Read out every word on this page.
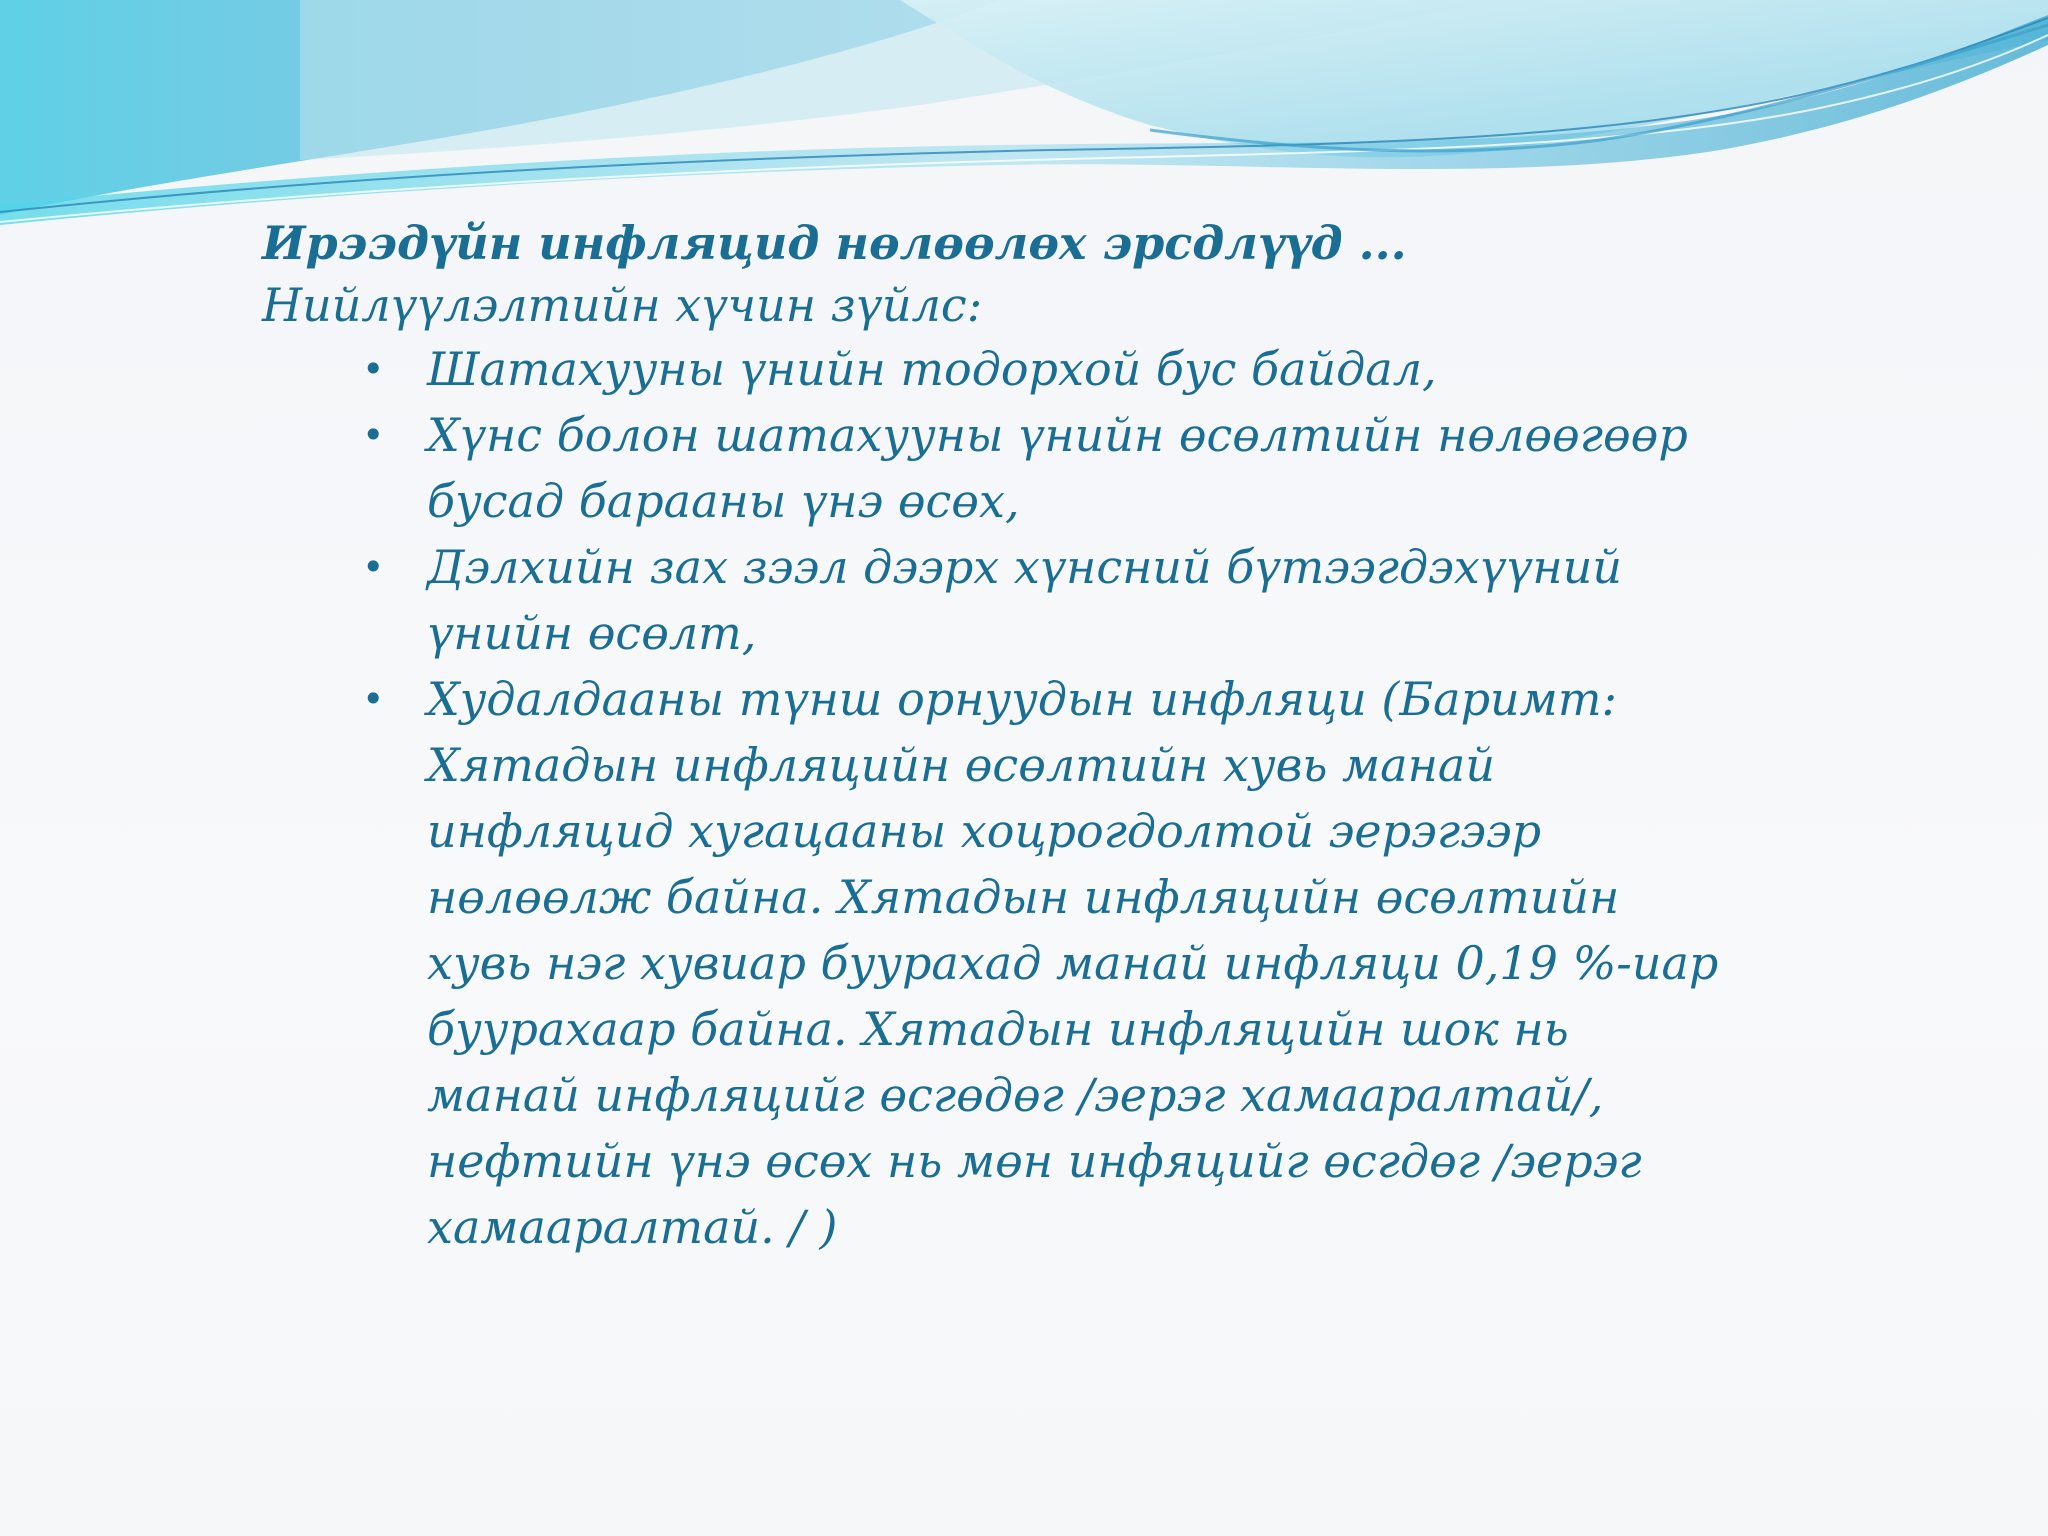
Ирээдүйн инфляцид нөлөөлөх эрсдлүүд ...

Нийлүүлэлтийн хүчин зүйлс:

• Шатахууны үнийн тодорхой бус байдал,
• Хүнс болон шатахууны үнийн өсөлтийн нөлөөгөөр
бусад барааны үнэ өсөх,
• Дэлхийн зах зээл дээрх хүнсний бүтээгдэхүүний
үнийн өсөлт,
• Худалдааны түнш орнуудын инфляци (Баримт:
Хятадын инфляцийн өсөлтийн хувь манай
инфляцид хугацааны хоцрогдолтой эерэгээр
нөлөөлж байна. Хятадын инфляцийн өсөлтийн
хувь нэг хувиар буурахад манай инфляци 0,19 %-иар
буурахаар байна. Хятадын инфляцийн шок нь
манай инфляцийг өсгөдөг /эерэг хамааралтай/,
нефтийн үнэ өсөх нь мөн инфяцийг өсгдөг /эерэг
хамааралтай. / )
